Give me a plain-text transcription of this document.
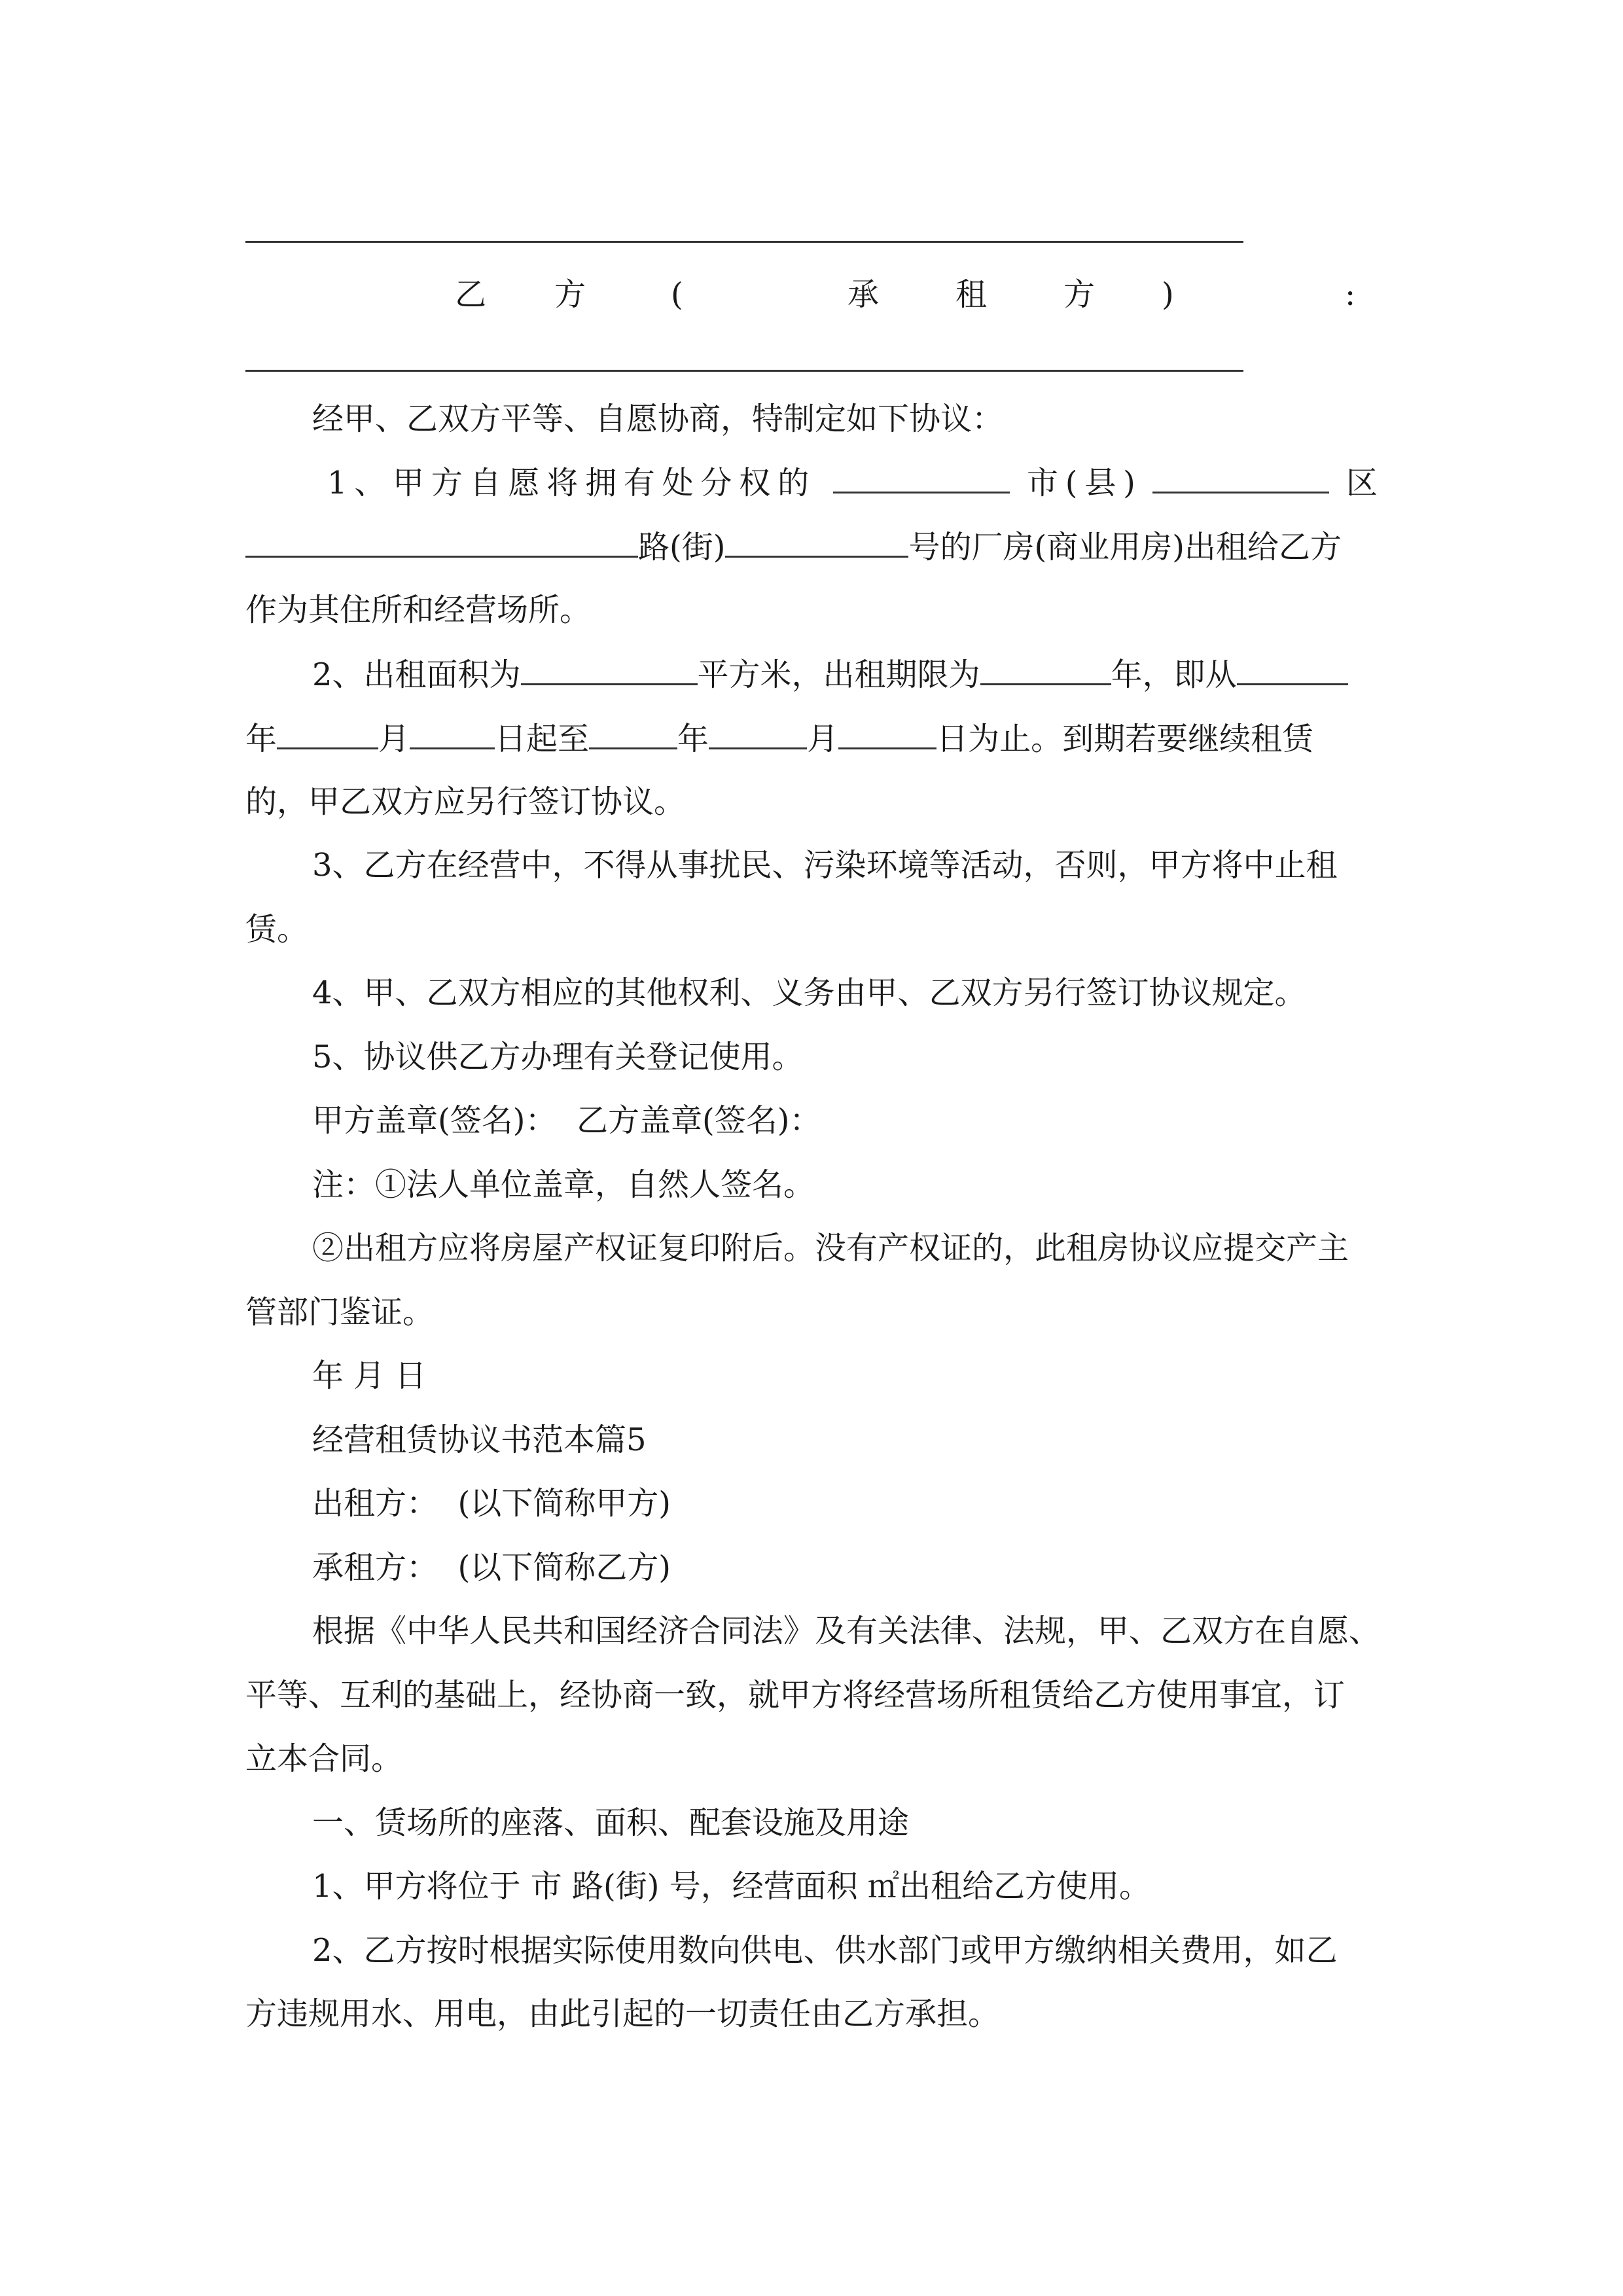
乙 方	(	承 租 方 )	:
经甲、乙双方平等、自愿协商，特制定如下协议：
1、甲方自愿将拥有处分权的	市(县)	区
路(街)	号的厂房(商业用房)出租给乙方
作为其住所和经营场所。
2、出租面积为	平方米，出租期限为	年，即从
年	月	日起至	年	月	日为止。到期若要继续租赁
的，甲乙双方应另行签订协议。
3、乙方在经营中，不得从事扰民、污染环境等活动，否则，甲方将中止租
赁。
4、甲、乙双方相应的其他权利、义务由甲、乙双方另行签订协议规定。
5、协议供乙方办理有关登记使用。
甲方盖章(签名)：  乙方盖章(签名)：
注：①法人单位盖章，自然人签名。
②出租方应将房屋产权证复印附后。没有产权证的，此租房协议应提交产主
管部门鉴证。
年 月 日
经营租赁协议书范本篇5
出租方：  (以下简称甲方)
承租方：  (以下简称乙方)
根据《中华人民共和国经济合同法》及有关法律、法规，甲、乙双方在自愿、
平等、互利的基础上，经协商一致，就甲方将经营场所租赁给乙方使用事宜，订
立本合同。
一、赁场所的座落、面积、配套设施及用途
1、甲方将位于 市 路(街) 号，经营面积 ㎡出租给乙方使用。
2、乙方按时根据实际使用数向供电、供水部门或甲方缴纳相关费用，如乙
方违规用水、用电，由此引起的一切责任由乙方承担。
